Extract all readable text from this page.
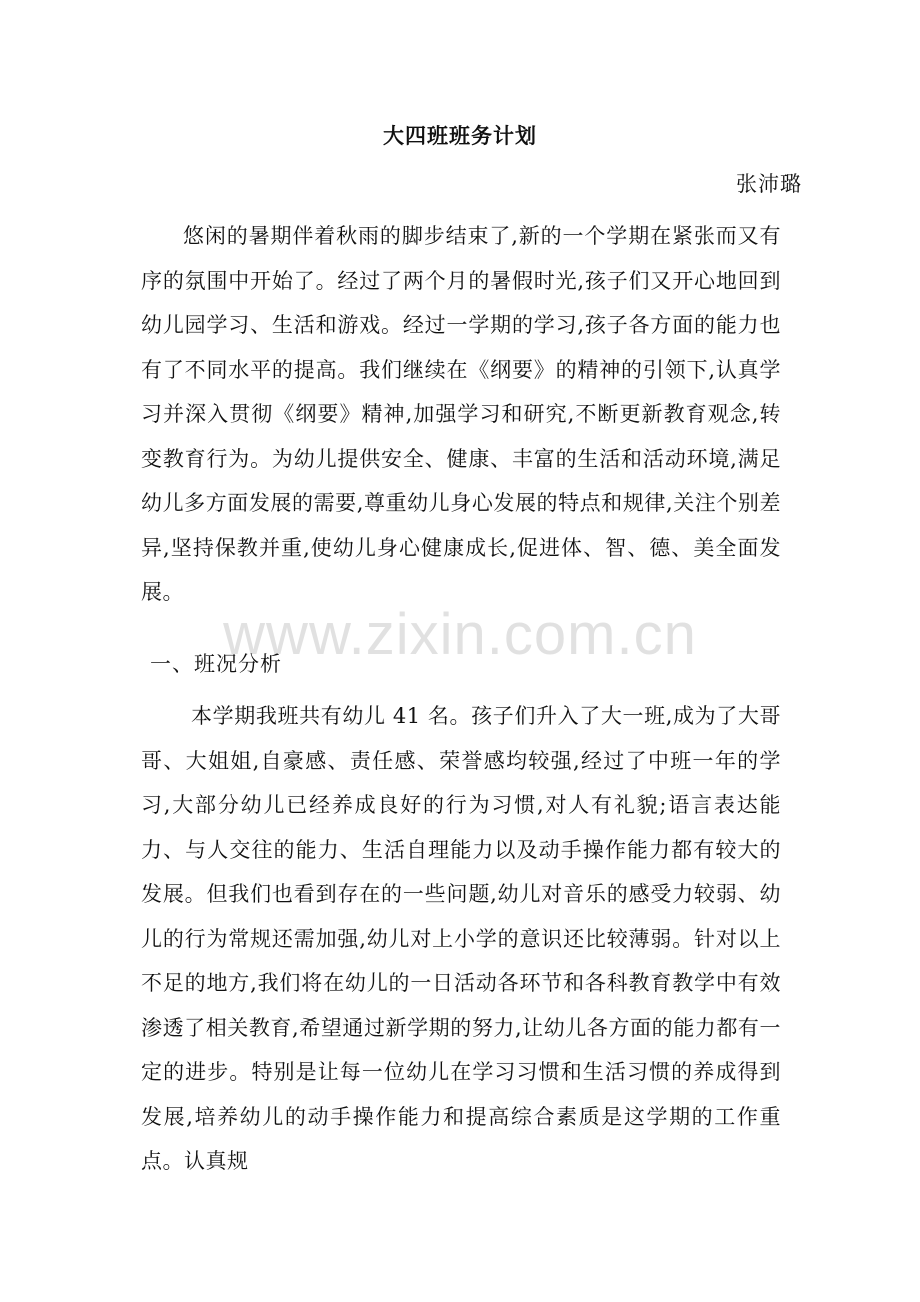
大四班班务计划
张沛璐

悠闲的暑期伴着秋雨的脚步结束了,新的一个学期在紧张而又有序的氛围中开始了。经过了两个月的暑假时光,孩子们又开心地回到幼儿园学习、生活和游戏。经过一学期的学习,孩子各方面的能力也有了不同水平的提高。我们继续在《纲要》的精神的引领下,认真学习并深入贯彻《纲要》精神,加强学习和研究,不断更新教育观念,转变教育行为。为幼儿提供安全、健康、丰富的生活和活动环境,满足幼儿多方面发展的需要,尊重幼儿身心发展的特点和规律,关注个别差异,坚持保教并重,使幼儿身心健康成长,促进体、智、德、美全面发展。

一、班况分析

本学期我班共有幼儿 41 名。孩子们升入了大一班,成为了大哥哥、大姐姐,自豪感、责任感、荣誉感均较强,经过了中班一年的学习,大部分幼儿已经养成良好的行为习惯,对人有礼貌;语言表达能力、与人交往的能力、生活自理能力以及动手操作能力都有较大的发展。但我们也看到存在的一些问题,幼儿对音乐的感受力较弱、幼儿的行为常规还需加强,幼儿对上小学的意识还比较薄弱。针对以上不足的地方,我们将在幼儿的一日活动各环节和各科教育教学中有效渗透了相关教育,希望通过新学期的努力,让幼儿各方面的能力都有一定的进步。特别是让每一位幼儿在学习习惯和生活习惯的养成得到发展,培养幼儿的动手操作能力和提高综合素质是这学期的工作重点。认真规

www.zixin.com.cn
